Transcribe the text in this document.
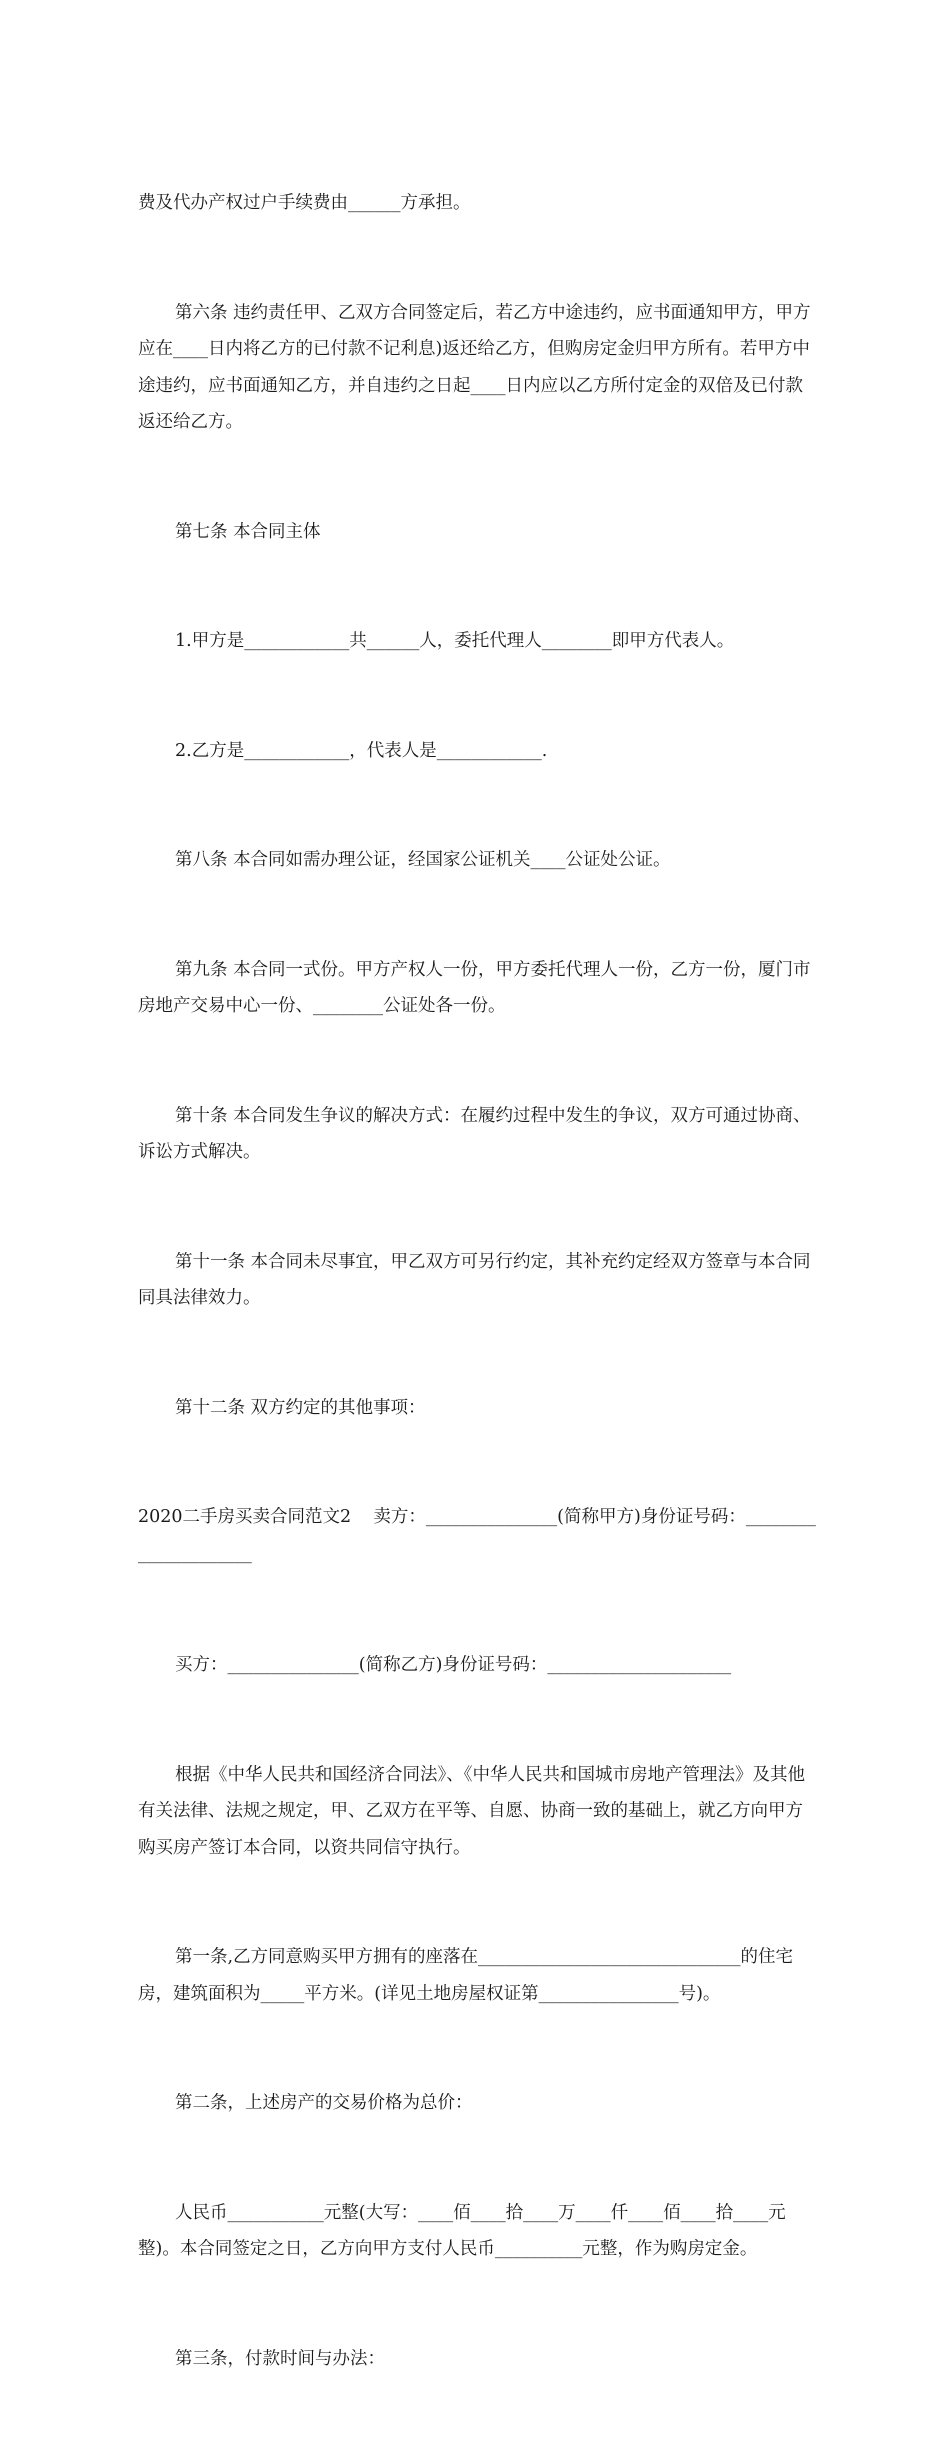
费及代办产权过户手续费由______方承担。

第六条 违约责任甲、乙双方合同签定后，若乙方中途违约，应书面通知甲方，甲方应在____日内将乙方的已付款不记利息)返还给乙方，但购房定金归甲方所有。若甲方中途违约，应书面通知乙方，并自违约之日起____日内应以乙方所付定金的双倍及已付款返还给乙方。

第七条 本合同主体

1.甲方是____________共______人，委托代理人________即甲方代表人。

2.乙方是____________，代表人是____________.

第八条 本合同如需办理公证，经国家公证机关____公证处公证。

第九条 本合同一式份。甲方产权人一份，甲方委托代理人一份，乙方一份，厦门市房地产交易中心一份、________公证处各一份。

第十条 本合同发生争议的解决方式：在履约过程中发生的争议，双方可通过协商、诉讼方式解决。

第十一条 本合同未尽事宜，甲乙双方可另行约定，其补充约定经双方签章与本合同同具法律效力。

第十二条 双方约定的其他事项：

2020二手房买卖合同范文2    卖方：_______________(简称甲方)身份证号码：_____________________

买方：_______________(简称乙方)身份证号码：_____________________

根据《中华人民共和国经济合同法》、《中华人民共和国城市房地产管理法》及其他有关法律、法规之规定，甲、乙双方在平等、自愿、协商一致的基础上，就乙方向甲方购买房产签订本合同，以资共同信守执行。

第一条,乙方同意购买甲方拥有的座落在______________________________的住宅房，建筑面积为_____平方米。(详见土地房屋权证第________________号)。

第二条，上述房产的交易价格为总价：

人民币___________元整(大写：____佰____拾____万____仟____佰____拾____元整)。本合同签定之日，乙方向甲方支付人民币__________元整，作为购房定金。

第三条，付款时间与办法：
